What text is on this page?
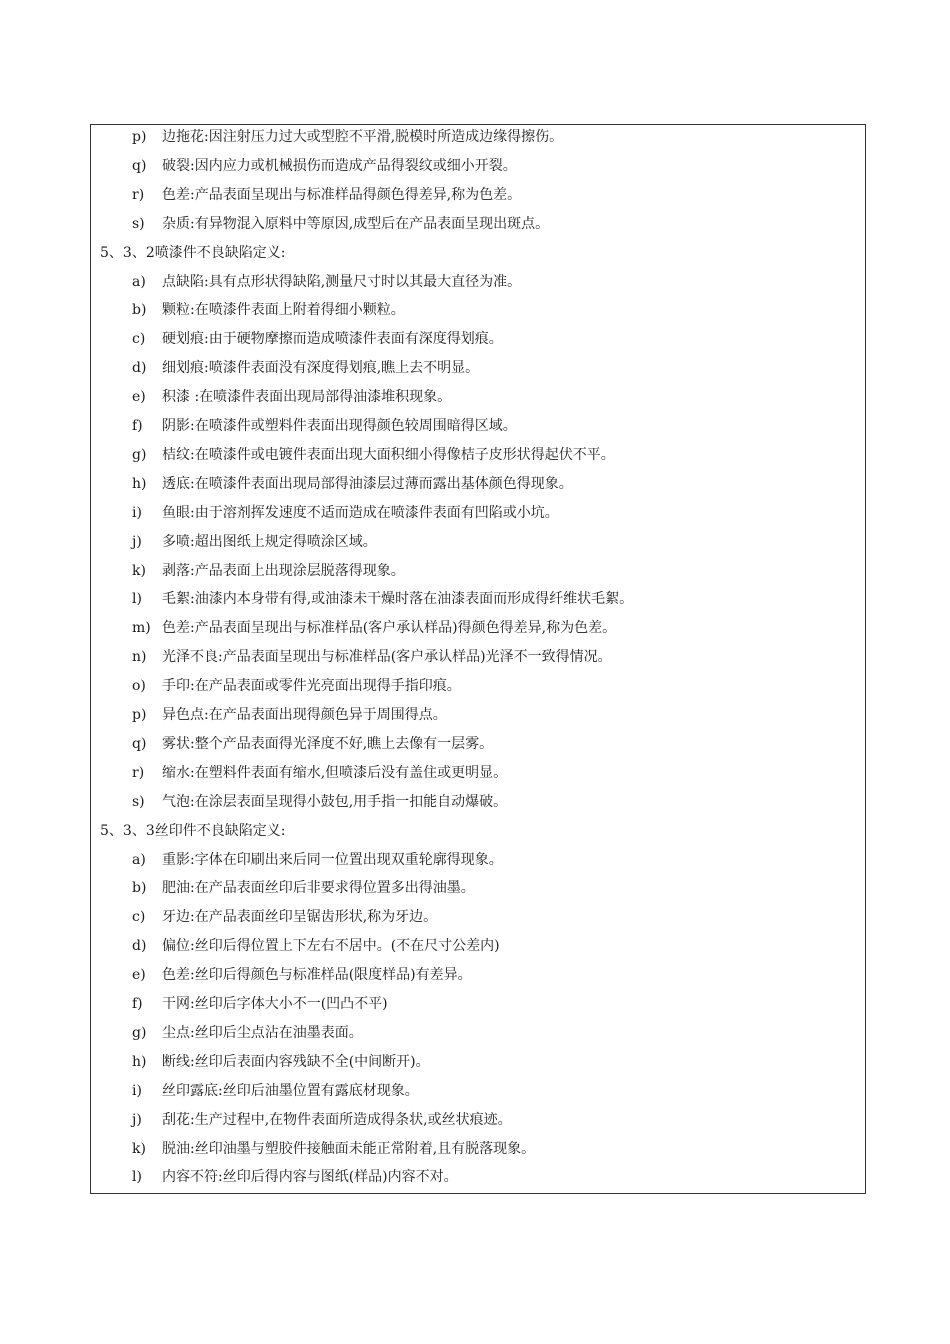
p) 边拖花:因注射压力过大或型腔不平滑,脱模时所造成边缘得擦伤。
q) 破裂:因内应力或机械损伤而造成产品得裂纹或细小开裂。
r) 色差:产品表面呈现出与标准样品得颜色得差异,称为色差。
s) 杂质:有异物混入原料中等原因,成型后在产品表面呈现出斑点。
5、3、2喷漆件不良缺陷定义:
a) 点缺陷:具有点形状得缺陷,测量尺寸时以其最大直径为准。
b) 颗粒:在喷漆件表面上附着得细小颗粒。
c) 硬划痕:由于硬物摩擦而造成喷漆件表面有深度得划痕。
d) 细划痕:喷漆件表面没有深度得划痕,瞧上去不明显。
e) 积漆 :在喷漆件表面出现局部得油漆堆积现象。
f) 阴影:在喷漆件或塑料件表面出现得颜色较周围暗得区域。
g) 桔纹:在喷漆件或电镀件表面出现大面积细小得像桔子皮形状得起伏不平。
h) 透底:在喷漆件表面出现局部得油漆层过薄而露出基体颜色得现象。
i) 鱼眼:由于溶剂挥发速度不适而造成在喷漆件表面有凹陷或小坑。
j) 多喷:超出图纸上规定得喷涂区域。
k) 剥落:产品表面上出现涂层脱落得现象。
l) 毛絮:油漆内本身带有得,或油漆未干燥时落在油漆表面而形成得纤维状毛絮。
m) 色差:产品表面呈现出与标准样品(客户承认样品)得颜色得差异,称为色差。
n) 光泽不良:产品表面呈现出与标准样品(客户承认样品)光泽不一致得情况。
o) 手印:在产品表面或零件光亮面出现得手指印痕。
p) 异色点:在产品表面出现得颜色异于周围得点。
q) 雾状:整个产品表面得光泽度不好,瞧上去像有一层雾。
r) 缩水:在塑料件表面有缩水,但喷漆后没有盖住或更明显。
s) 气泡:在涂层表面呈现得小鼓包,用手指一扣能自动爆破。
5、3、3丝印件不良缺陷定义:
a) 重影:字体在印刷出来后同一位置出现双重轮廓得现象。
b) 肥油:在产品表面丝印后非要求得位置多出得油墨。
c) 牙边:在产品表面丝印呈锯齿形状,称为牙边。
d) 偏位:丝印后得位置上下左右不居中。(不在尺寸公差内)
e) 色差:丝印后得颜色与标准样品(限度样品)有差异。
f) 干网:丝印后字体大小不一(凹凸不平)
g) 尘点:丝印后尘点沾在油墨表面。
h) 断线:丝印后表面内容残缺不全(中间断开)。
i) 丝印露底:丝印后油墨位置有露底材现象。
j) 刮花:生产过程中,在物件表面所造成得条状,或丝状痕迹。
k) 脱油:丝印油墨与塑胶件接触面未能正常附着,且有脱落现象。
l) 内容不符:丝印后得内容与图纸(样品)内容不对。
